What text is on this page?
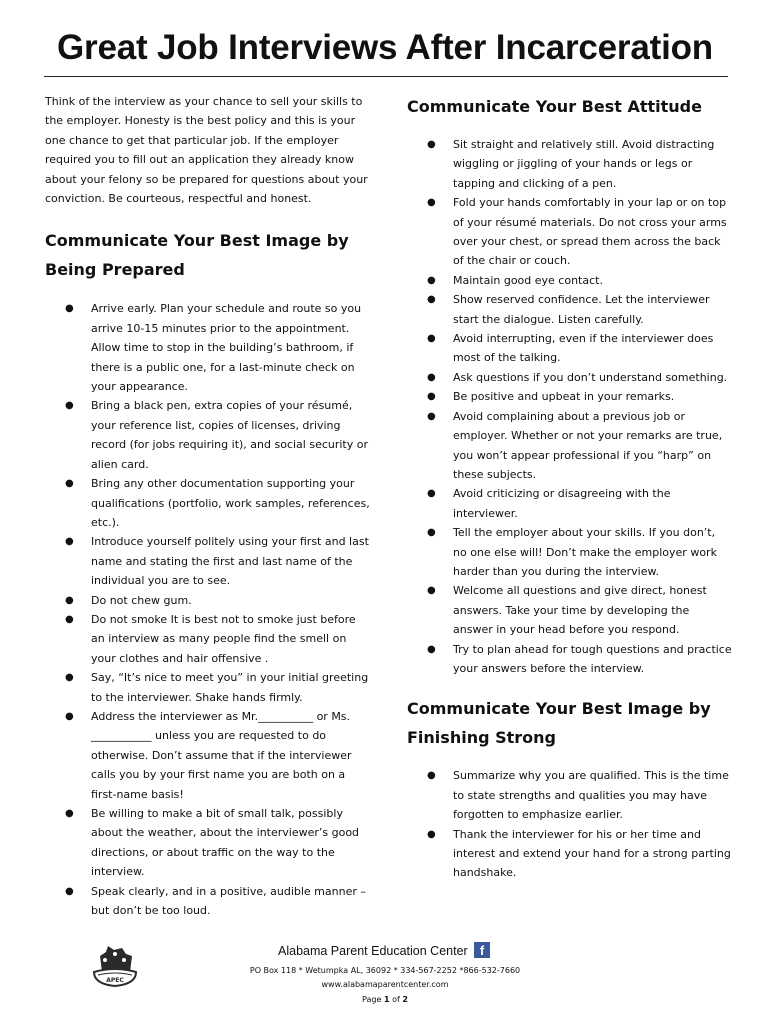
Great Job Interviews After Incarceration

Think of the interview as your chance to sell your skills to the employer. Honesty is the best policy and this is your one chance to get that particular job. If the employer required you to fill out an application they already know about your felony so be prepared for questions about your conviction. Be courteous, respectful and honest.

Communicate Your Best Image by Being Prepared
● Arrive early. Plan your schedule and route so you arrive 10-15 minutes prior to the appointment. Allow time to stop in the building’s bathroom, if there is a public one, for a last-minute check on your appearance.
● Bring a black pen, extra copies of your résumé, your reference list, copies of licenses, driving record (for jobs requiring it), and social security or alien card.
● Bring any other documentation supporting your qualifications (portfolio, work samples, references, etc.).
● Introduce yourself politely using your first and last name and stating the first and last name of the individual you are to see.
● Do not chew gum.
● Do not smoke It is best not to smoke just before an interview as many people find the smell on your clothes and hair offensive .
● Say, “It’s nice to meet you” in your initial greeting to the interviewer. Shake hands firmly.
● Address the interviewer as Mr.__________ or Ms. ___________ unless you are requested to do otherwise. Don’t assume that if the interviewer calls you by your first name you are both on a first-name basis!
● Be willing to make a bit of small talk, possibly about the weather, about the interviewer’s good directions, or about traffic on the way to the interview.
● Speak clearly, and in a positive, audible manner – but don’t be too loud.
Communicate Your Best Attitude
● Sit straight and relatively still. Avoid distracting wiggling or jiggling of your hands or legs or tapping and clicking of a pen.
● Fold your hands comfortably in your lap or on top of your résumé materials. Do not cross your arms over your chest, or spread them across the back of the chair or couch.
● Maintain good eye contact.
● Show reserved confidence. Let the interviewer start the dialogue. Listen carefully.
● Avoid interrupting, even if the interviewer does most of the talking.
● Ask questions if you don’t understand something.
● Be positive and upbeat in your remarks.
● Avoid complaining about a previous job or employer. Whether or not your remarks are true, you won’t appear professional if you “harp” on these subjects.
● Avoid criticizing or disagreeing with the interviewer.
● Tell the employer about your skills. If you don’t, no one else will! Don’t make the employer work harder than you during the interview.
● Welcome all questions and give direct, honest answers. Take your time by developing the answer in your head before you respond.
● Try to plan ahead for tough questions and practice your answers before the interview.
Communicate Your Best Image by Finishing Strong
● Summarize why you are qualified. This is the time to state strengths and qualities you may have forgotten to emphasize earlier.
● Thank the interviewer for his or her time and interest and extend your hand for a strong parting handshake.
APEC
Alabama Parent Education Center f
PO Box 118 * Wetumpka AL, 36092 * 334-567-2252 *866-532-7660
www.alabamaparentcenter.com
Page 1 of 2
